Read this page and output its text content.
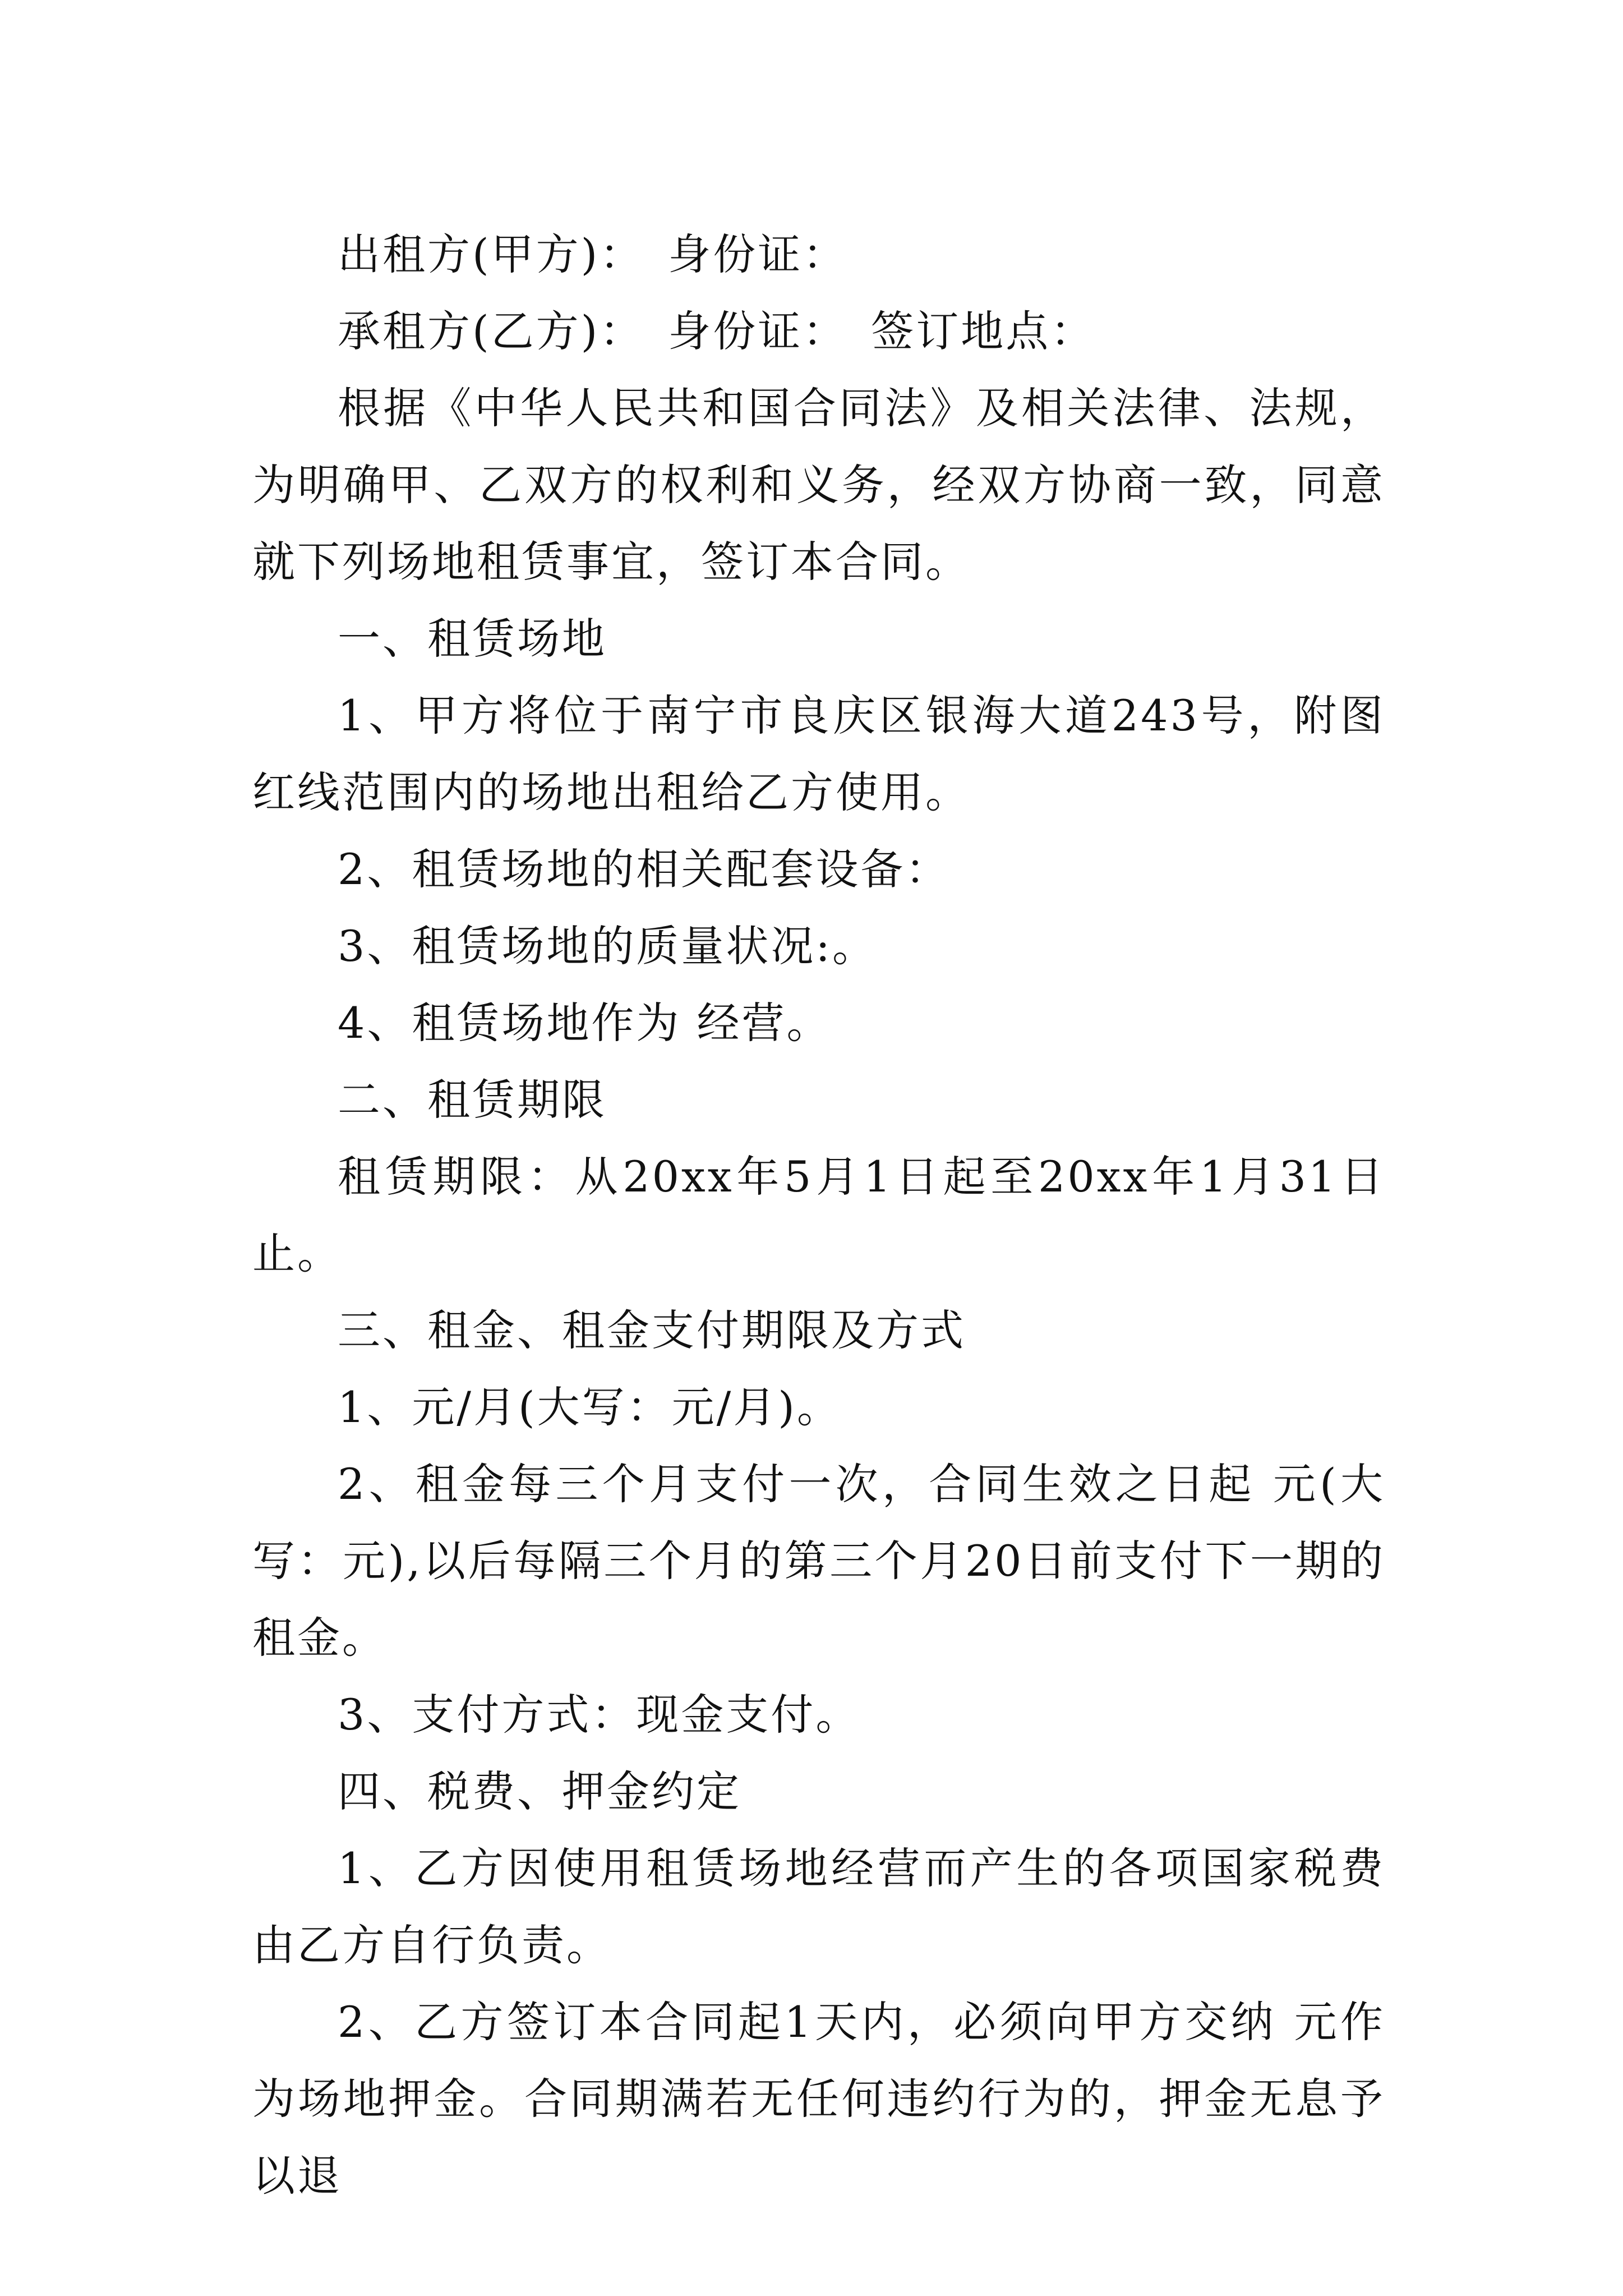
出租方(甲方)：　身份证：

承租方(乙方)：　身份证：　签订地点：

根据《中华人民共和国合同法》及相关法律、法规，为明确甲、乙双方的权利和义务，经双方协商一致，同意就下列场地租赁事宜，签订本合同。

一、租赁场地

1、甲方将位于南宁市良庆区银海大道243号，附图红线范围内的场地出租给乙方使用。

2、租赁场地的相关配套设备：

3、租赁场地的质量状况:。

4、租赁场地作为 经营。

二、租赁期限

租赁期限：从20xx年5月1日起至20xx年1月31日止。

三、租金、租金支付期限及方式

1、元/月(大写：元/月)。

2、租金每三个月支付一次，合同生效之日起 元(大写：元),以后每隔三个月的第三个月20日前支付下一期的租金。

3、支付方式：现金支付。

四、税费、押金约定

1、乙方因使用租赁场地经营而产生的各项国家税费由乙方自行负责。

2、乙方签订本合同起1天内，必须向甲方交纳 元作为场地押金。合同期满若无任何违约行为的，押金无息予以退
